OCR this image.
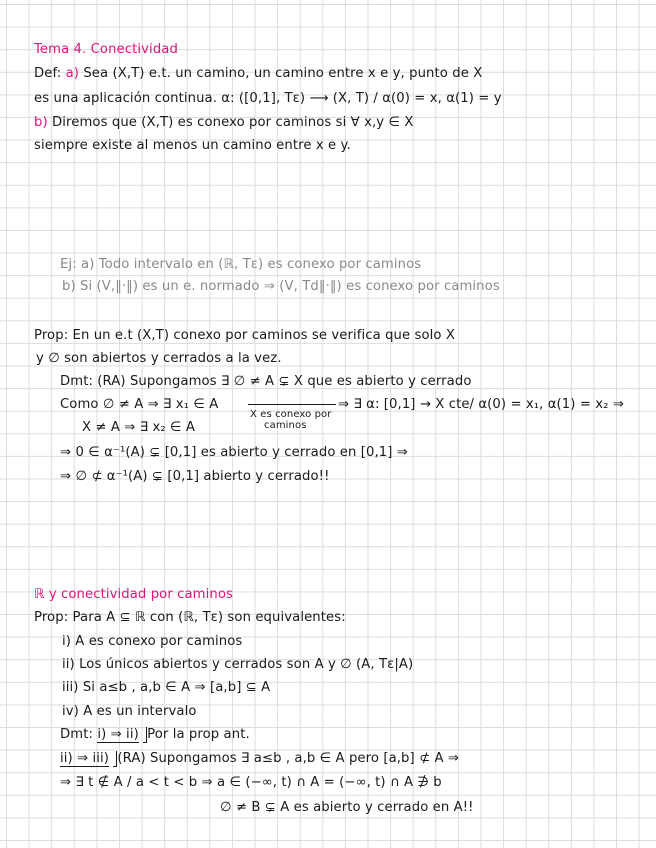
Tema 4. Conectividad
Def: a) Sea (X,T) e.t. un camino, un camino entre x e y, punto de X
es una aplicación continua. α: ([0,1], Tε) ⟶ (X, T) / α(0) = x, α(1) = y
b) Diremos que (X,T) es conexo por caminos si ∀ x,y ∈ X
siempre existe al menos un camino entre x e y.
Ej: a) Todo intervalo en (ℝ, Tε) es conexo por caminos
b) Si (V,‖·‖) es un e. normado ⇒ (V, Td‖·‖) es conexo por caminos
Prop: En un e.t (X,T) conexo por caminos se verifica que solo X
y ∅ son abiertos y cerrados a la vez.
Dmt: (RA) Supongamos ∃ ∅ ≠ A ⊊ X que es abierto y cerrado
Como ∅ ≠ A ⇒ ∃ x₁ ∈ A	⇒ ∃ α: [0,1] → X cte/ α(0) = x₁, α(1) = x₂ ⇒
X es conexo por
caminos
X ≠ A ⇒ ∃ x₂ ∈ A
⇒ 0 ∈ α⁻¹(A) ⊊ [0,1] es abierto y cerrado en [0,1] ⇒
⇒ ∅ ⊄ α⁻¹(A) ⊊ [0,1] abierto y cerrado!!
ℝ y conectividad por caminos
Prop: Para A ⊆ ℝ con (ℝ, Tε) son equivalentes:
i) A es conexo por caminos
ii) Los únicos abiertos y cerrados son A y ∅ (A, Tε|A)
iii) Si a≤b , a,b ∈ A ⇒ [a,b] ⊆ A
iv) A es un intervalo
Dmt: i) ⇒ ii) Por la prop ant.
ii) ⇒ iii) (RA) Supongamos ∃ a≤b , a,b ∈ A pero [a,b] ⊄ A ⇒
⇒ ∃ t ∉ A / a < t < b ⇒ a ∈ (−∞, t) ∩ A = (−∞, t) ∩ A ∌ b
∅ ≠ B ⊊ A es abierto y cerrado en A!!
